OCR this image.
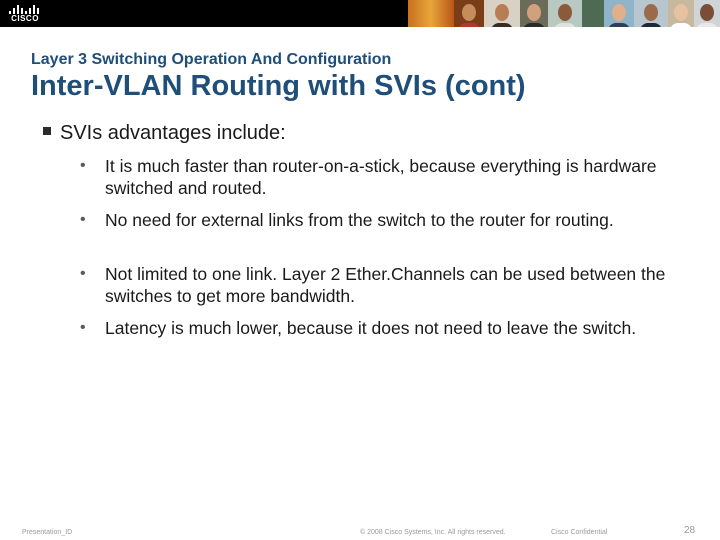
CISCO
Layer 3 Switching Operation And Configuration
Inter-VLAN Routing with SVIs (cont)
SVIs advantages include:
•	It is much faster than router-on-a-stick, because everything is hardware switched and routed.
•	No need for external links from the switch to the router for routing.
•	Not limited to one link. Layer 2 Ether.Channels can be used between the switches to get more bandwidth.
•	Latency is much lower, because it does not need to leave the switch.
Presentation_ID	© 2008 Cisco Systems, Inc. All rights reserved.	Cisco Confidential	28
